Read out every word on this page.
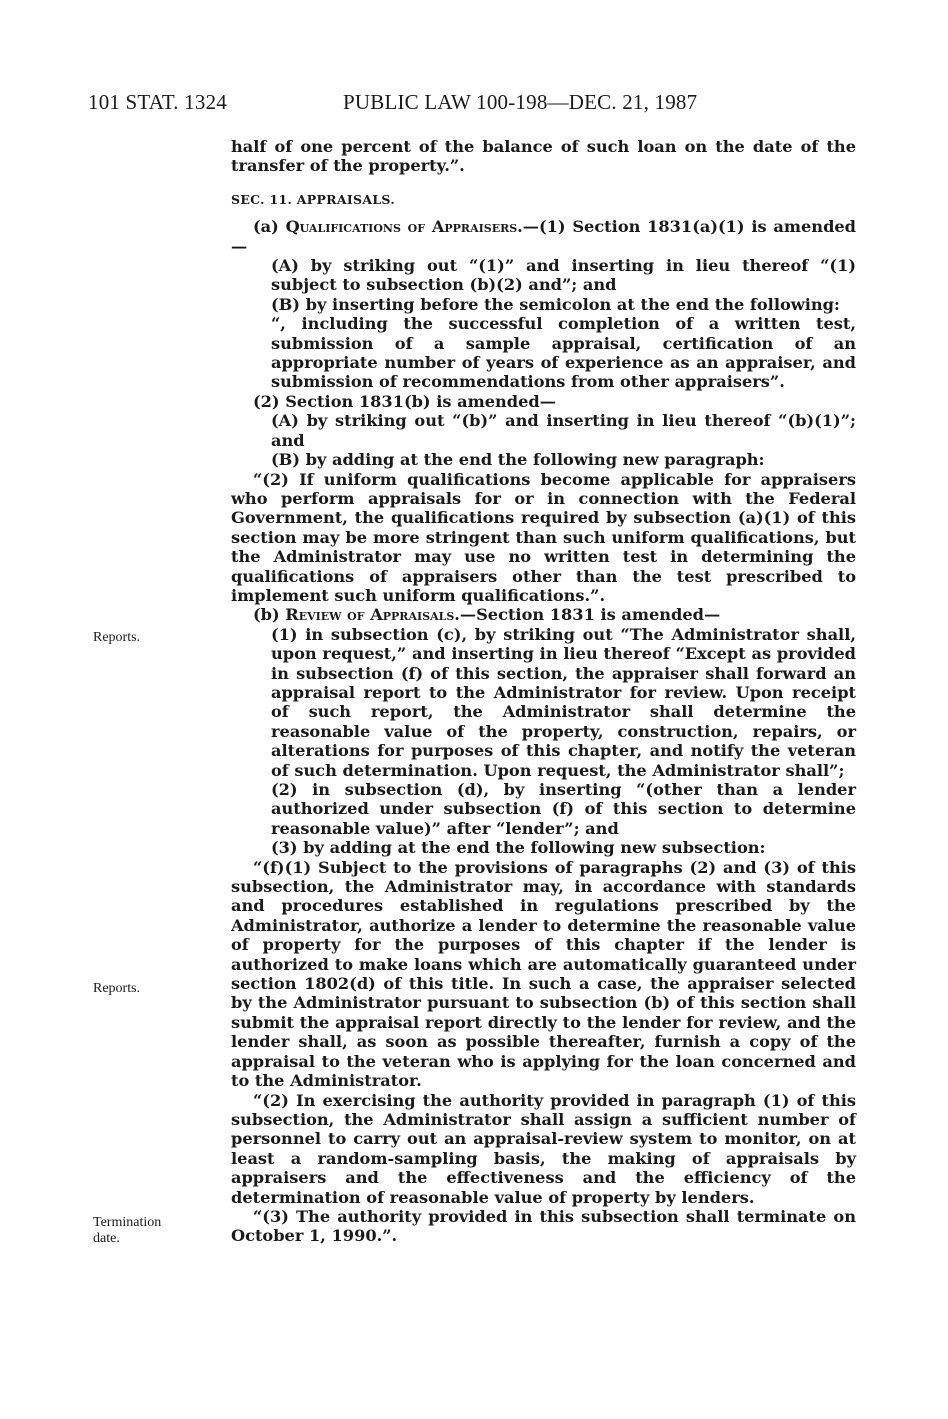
101 STAT. 1324	PUBLIC LAW 100-198—DEC. 21, 1987
Reports.
Reports.
Termination
date.

half of one percent of the balance of such loan on the date of the transfer of the property.”.

SEC. 11. APPRAISALS.

(a) Qualifications of Appraisers.—(1) Section 1831(a)(1) is amended—

(A) by striking out “(1)” and inserting in lieu thereof “(1) subject to subsection (b)(2) and”; and

(B) by inserting before the semicolon at the end the following:

“, including the successful completion of a written test, submission of a sample appraisal, certification of an appropriate number of years of experience as an appraiser, and submission of recommendations from other appraisers”.

(2) Section 1831(b) is amended—

(A) by striking out “(b)” and inserting in lieu thereof “(b)(1)”; and

(B) by adding at the end the following new paragraph:

“(2) If uniform qualifications become applicable for appraisers who perform appraisals for or in connection with the Federal Government, the qualifications required by subsection (a)(1) of this section may be more stringent than such uniform qualifications, but the Administrator may use no written test in determining the qualifications of appraisers other than the test prescribed to implement such uniform qualifications.”.

(b) Review of Appraisals.—Section 1831 is amended—

(1) in subsection (c), by striking out “The Administrator shall, upon request,” and inserting in lieu thereof “Except as provided in subsection (f) of this section, the appraiser shall forward an appraisal report to the Administrator for review. Upon receipt of such report, the Administrator shall determine the reasonable value of the property, construction, repairs, or alterations for purposes of this chapter, and notify the veteran of such determination. Upon request, the Administrator shall”;

(2) in subsection (d), by inserting “(other than a lender authorized under subsection (f) of this section to determine reasonable value)” after “lender”; and

(3) by adding at the end the following new subsection:

“(f)(1) Subject to the provisions of paragraphs (2) and (3) of this subsection, the Administrator may, in accordance with standards and procedures established in regulations prescribed by the Administrator, authorize a lender to determine the reasonable value of property for the purposes of this chapter if the lender is authorized to make loans which are automatically guaranteed under section 1802(d) of this title. In such a case, the appraiser selected by the Administrator pursuant to subsection (b) of this section shall submit the appraisal report directly to the lender for review, and the lender shall, as soon as possible thereafter, furnish a copy of the appraisal to the veteran who is applying for the loan concerned and to the Administrator.

“(2) In exercising the authority provided in paragraph (1) of this subsection, the Administrator shall assign a sufficient number of personnel to carry out an appraisal-review system to monitor, on at least a random-sampling basis, the making of appraisals by appraisers and the effectiveness and the efficiency of the determination of reasonable value of property by lenders.

“(3) The authority provided in this subsection shall terminate on October 1, 1990.”.
